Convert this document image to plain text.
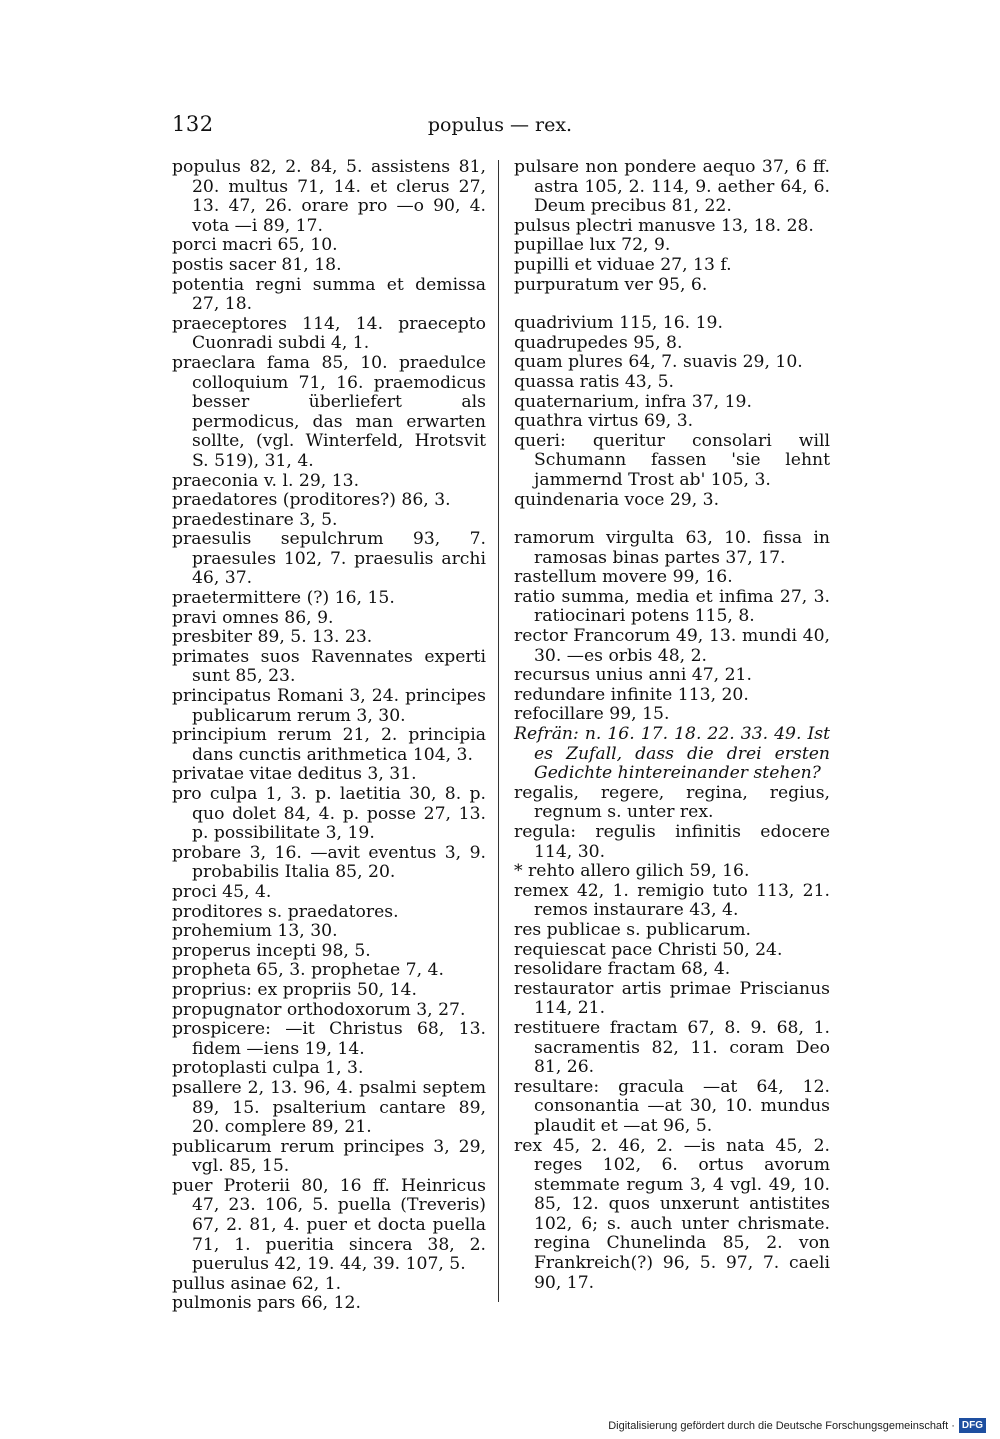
132	populus — rex.
populus 82, 2. 84, 5. assistens 81, 20. multus 71, 14. et clerus 27, 13. 47, 26. orare pro —o 90, 4. vota —i 89, 17.
porci macri 65, 10.
postis sacer 81, 18.
potentia regni summa et demissa 27, 18.
praeceptores 114, 14. praecepto Cuonradi subdi 4, 1.
praeclara fama 85, 10. praedulce colloquium 71, 16. praemodicus besser überliefert als permodicus, das man erwarten sollte, (vgl. Winterfeld, Hrotsvit S. 519), 31, 4.
praeconia v. l. 29, 13.
praedatores (proditores?) 86, 3.
praedestinare 3, 5.
praesulis sepulchrum 93, 7. praesules 102, 7. praesulis archi 46, 37.
praetermittere (?) 16, 15.
pravi omnes 86, 9.
presbiter 89, 5. 13. 23.
primates suos Ravennates experti sunt 85, 23.
principatus Romani 3, 24. principes publicarum rerum 3, 30.
principium rerum 21, 2. principia dans cunctis arithmetica 104, 3.
privatae vitae deditus 3, 31.
pro culpa 1, 3. p. laetitia 30, 8. p. quo dolet 84, 4. p. posse 27, 13. p. possibilitate 3, 19.
probare 3, 16. —avit eventus 3, 9. probabilis Italia 85, 20.
proci 45, 4.
proditores s. praedatores.
prohemium 13, 30.
properus incepti 98, 5.
propheta 65, 3. prophetae 7, 4.
proprius: ex propriis 50, 14.
propugnator orthodoxorum 3, 27.
prospicere: —it Christus 68, 13. fidem —iens 19, 14.
protoplasti culpa 1, 3.
psallere 2, 13. 96, 4. psalmi septem 89, 15. psalterium cantare 89, 20. complere 89, 21.
publicarum rerum principes 3, 29, vgl. 85, 15.
puer Proterii 80, 16 ff. Heinricus 47, 23. 106, 5. puella (Treveris) 67, 2. 81, 4. puer et docta puella 71, 1. pueritia sincera 38, 2. puerulus 42, 19. 44, 39. 107, 5.
pullus asinae 62, 1.
pulmonis pars 66, 12.
pulsare non pondere aequo 37, 6 ff. astra 105, 2. 114, 9. aether 64, 6. Deum precibus 81, 22.
pulsus plectri manusve 13, 18. 28.
pupillae lux 72, 9.
pupilli et viduae 27, 13 f.
purpuratum ver 95, 6.
quadrivium 115, 16. 19.
quadrupedes 95, 8.
quam plures 64, 7. suavis 29, 10.
quassa ratis 43, 5.
quaternarium, infra 37, 19.
quathra virtus 69, 3.
queri: queritur consolari will Schumann fassen 'sie lehnt jammernd Trost ab' 105, 3.
quindenaria voce 29, 3.
ramorum virgulta 63, 10. fissa in ramosas binas partes 37, 17.
rastellum movere 99, 16.
ratio summa, media et infima 27, 3. ratiocinari potens 115, 8.
rector Francorum 49, 13. mundi 40, 30. —es orbis 48, 2.
recursus unius anni 47, 21.
redundare infinite 113, 20.
refocillare 99, 15.
Refrän: n. 16. 17. 18. 22. 33. 49. Ist es Zufall, dass die drei ersten Gedichte hintereinander stehen?
regalis, regere, regina, regius, regnum s. unter rex.
regula: regulis infinitis edocere 114, 30.
* rehto allero gilich 59, 16.
remex 42, 1. remigio tuto 113, 21. remos instaurare 43, 4.
res publicae s. publicarum.
requiescat pace Christi 50, 24.
resolidare fractam 68, 4.
restaurator artis primae Priscianus 114, 21.
restituere fractam 67, 8. 9. 68, 1. sacramentis 82, 11. coram Deo 81, 26.
resultare: gracula —at 64, 12. consonantia —at 30, 10. mundus plaudit et —at 96, 5.
rex 45, 2. 46, 2. —is nata 45, 2. reges 102, 6. ortus avorum stemmate regum 3, 4 vgl. 49, 10. 85, 12. quos unxerunt antistites 102, 6; s. auch unter chrismate. regina Chunelinda 85, 2. von Frankreich(?) 96, 5. 97, 7. caeli 90, 17.
Digitalisierung gefördert durch die Deutsche Forschungsgemeinschaft · DFG
